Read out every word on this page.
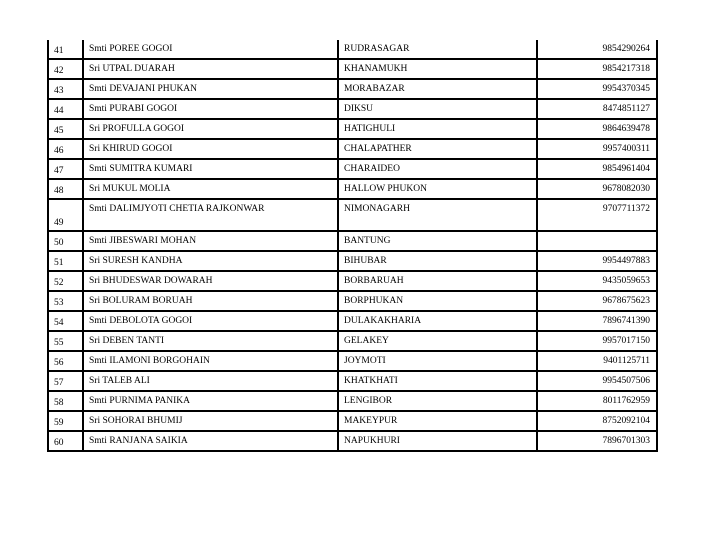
41	Smti POREE GOGOI	RUDRASAGAR	9854290264
42	Sri UTPAL DUARAH	KHANAMUKH	9854217318
43	Smti DEVAJANI PHUKAN	MORABAZAR	9954370345
44	Smti PURABI GOGOI	DIKSU	8474851127
45	Sri PROFULLA GOGOI	HATIGHULI	9864639478
46	Sri KHIRUD GOGOI	CHALAPATHER	9957400311
47	Smti SUMITRA KUMARI	CHARAIDEO	9854961404
48	Sri MUKUL MOLIA	HALLOW PHUKON	9678082030
49	Smti DALIMJYOTI CHETIA RAJKONWAR	NIMONAGARH	9707711372
50	Smti JIBESWARI MOHAN	BANTUNG	
51	Sri SURESH KANDHA	BIHUBAR	9954497883
52	Sri BHUDESWAR DOWARAH	BORBARUAH	9435059653
53	Sri BOLURAM BORUAH	BORPHUKAN	9678675623
54	Smti DEBOLOTA GOGOI	DULAKAKHARIA	7896741390
55	Sri DEBEN TANTI	GELAKEY	9957017150
56	Smti ILAMONI BORGOHAIN	JOYMOTI	9401125711
57	Sri TALEB ALI	KHATKHATI	9954507506
58	Smti PURNIMA PANIKA	LENGIBOR	8011762959
59	Sri SOHORAI BHUMIJ	MAKEYPUR	8752092104
60	Smti RANJANA SAIKIA	NAPUKHURI	7896701303
